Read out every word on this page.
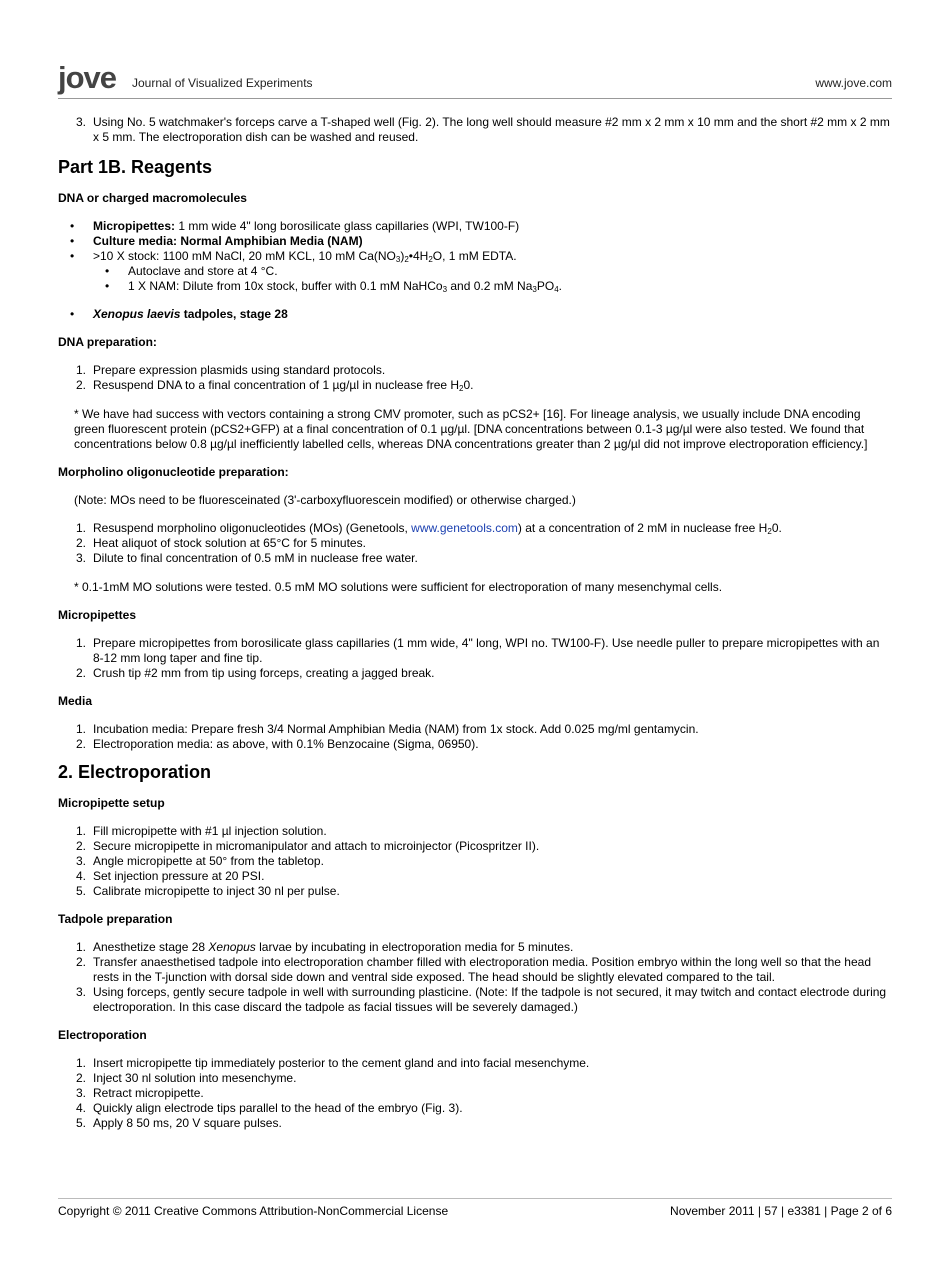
jove Journal of Visualized Experiments	www.jove.com
3. Using No. 5 watchmaker's forceps carve a T-shaped well (Fig. 2). The long well should measure #2 mm x 2 mm x 10 mm and the short #2 mm x 2 mm x 5 mm. The electroporation dish can be washed and reused.
Part 1B. Reagents
DNA or charged macromolecules
• Micropipettes: 1 mm wide 4" long borosilicate glass capillaries (WPI, TW100-F)
• Culture media: Normal Amphibian Media (NAM)
• >10 X stock: 1100 mM NaCl, 20 mM KCL, 10 mM $Ca(NO_3)_2•4H_2O$, 1 mM EDTA.
• Autoclave and store at 4 °C.
• 1 X NAM: Dilute from 10x stock, buffer with 0.1 mM NaHCo$_3$ and 0.2 mM $Na_3PO_4$.
• Xenopus laevis tadpoles, stage 28
DNA preparation:
1. Prepare expression plasmids using standard protocols.
2. Resuspend DNA to a final concentration of 1 µg/µl in nuclease free $H_20$.
* We have had success with vectors containing a strong CMV promoter, such as pCS2+ [16]. For lineage analysis, we usually include DNA encoding green fluorescent protein (pCS2+GFP) at a final concentration of 0.1 µg/µl. [DNA concentrations between 0.1-3 µg/µl were also tested. We found that concentrations below 0.8 µg/µl inefficiently labelled cells, whereas DNA concentrations greater than 2 µg/µl did not improve electroporation efficiency.]
Morpholino oligonucleotide preparation:
(Note: MOs need to be fluoresceinated (3'-carboxyfluorescein modified) or otherwise charged.)
1. Resuspend morpholino oligonucleotides (MOs) (Genetools, www.genetools.com) at a concentration of 2 mM in nuclease free $H_20$.
2. Heat aliquot of stock solution at 65°C for 5 minutes.
3. Dilute to final concentration of 0.5 mM in nuclease free water.
* 0.1-1mM MO solutions were tested. 0.5 mM MO solutions were sufficient for electroporation of many mesenchymal cells.
Micropipettes
1. Prepare micropipettes from borosilicate glass capillaries (1 mm wide, 4" long, WPI no. TW100-F). Use needle puller to prepare micropipettes with an 8-12 mm long taper and fine tip.
2. Crush tip #2 mm from tip using forceps, creating a jagged break.
Media
1. Incubation media: Prepare fresh 3/4 Normal Amphibian Media (NAM) from 1x stock. Add 0.025 mg/ml gentamycin.
2. Electroporation media: as above, with 0.1% Benzocaine (Sigma, 06950).
2. Electroporation
Micropipette setup
1. Fill micropipette with #1 µl injection solution.
2. Secure micropipette in micromanipulator and attach to microinjector (Picospritzer II).
3. Angle micropipette at 50° from the tabletop.
4. Set injection pressure at 20 PSI.
5. Calibrate micropipette to inject 30 nl per pulse.
Tadpole preparation
1. Anesthetize stage 28 Xenopus larvae by incubating in electroporation media for 5 minutes.
2. Transfer anaesthetised tadpole into electroporation chamber filled with electroporation media. Position embryo within the long well so that the head rests in the T-junction with dorsal side down and ventral side exposed. The head should be slightly elevated compared to the tail.
3. Using forceps, gently secure tadpole in well with surrounding plasticine. (Note: If the tadpole is not secured, it may twitch and contact electrode during electroporation. In this case discard the tadpole as facial tissues will be severely damaged.)
Electroporation
1. Insert micropipette tip immediately posterior to the cement gland and into facial mesenchyme.
2. Inject 30 nl solution into mesenchyme.
3. Retract micropipette.
4. Quickly align electrode tips parallel to the head of the embryo (Fig. 3).
5. Apply 8 50 ms, 20 V square pulses.
Copyright © 2011 Creative Commons Attribution-NonCommercial License	November 2011 | 57 | e3381 | Page 2 of 6
